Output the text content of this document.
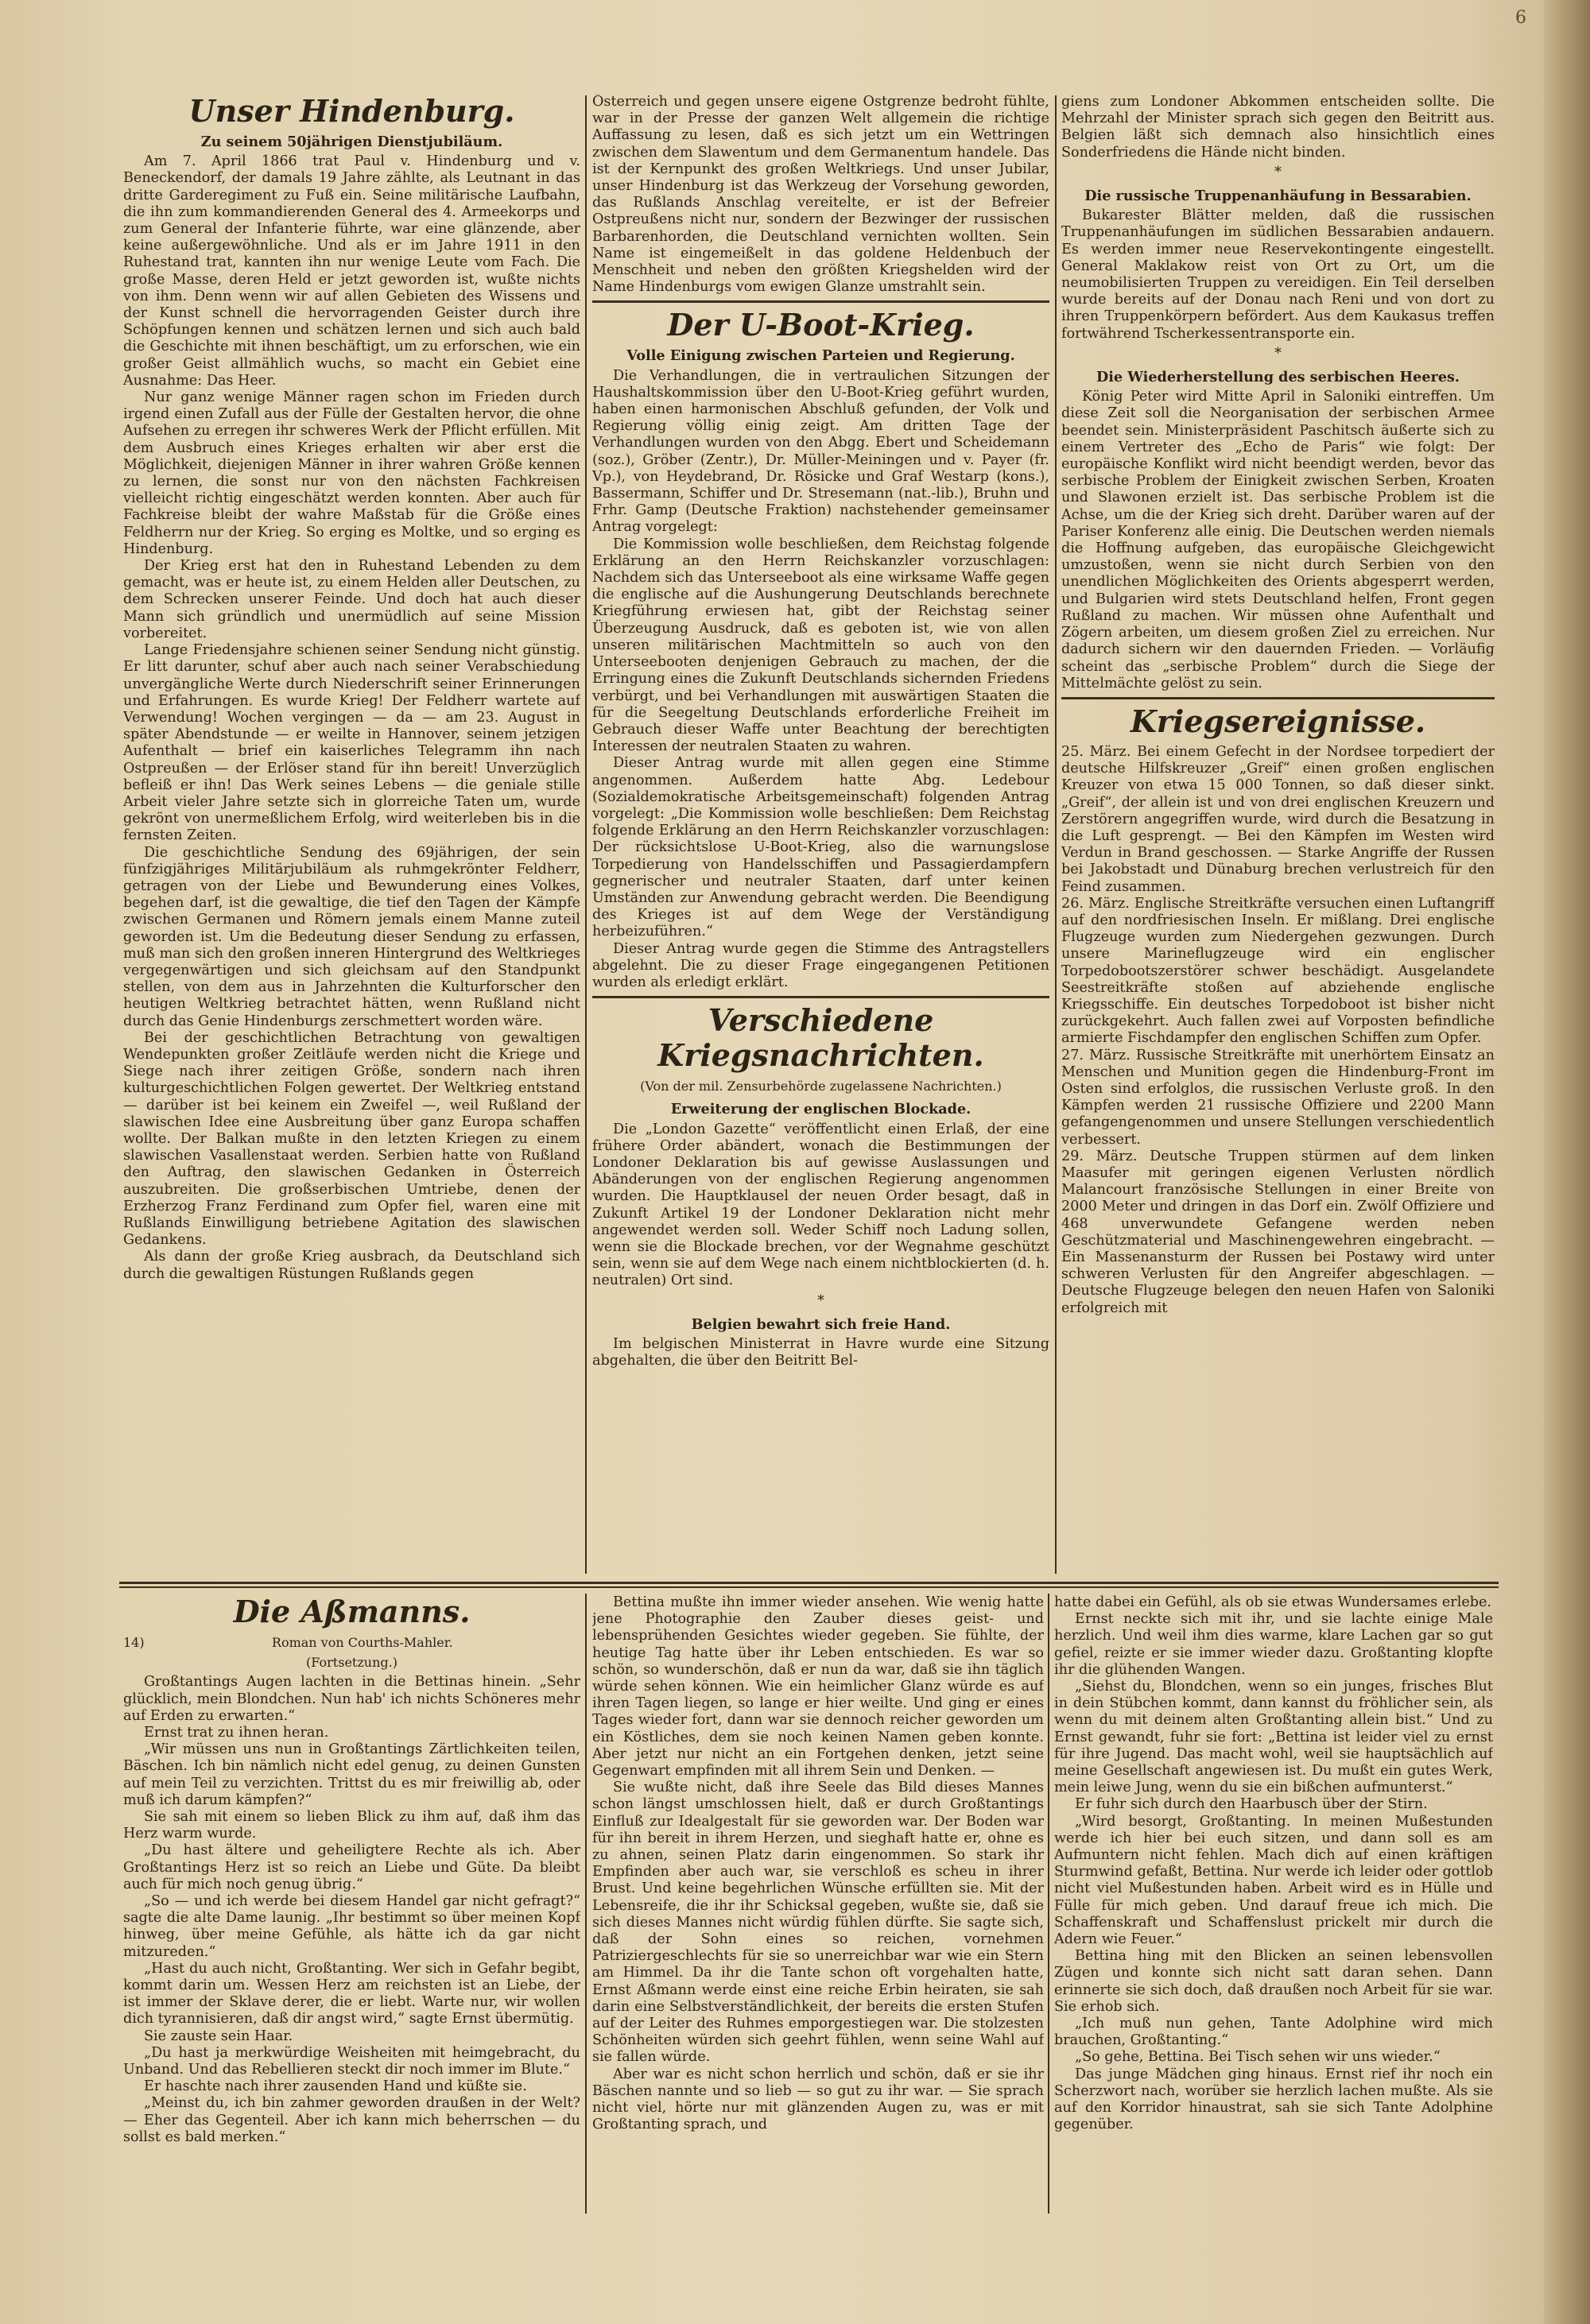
6
Unser Hindenburg.
Zu seinem 50jährigen Dienstjubiläum.

Am 7. April 1866 trat Paul v. Hindenburg und v. Beneckendorf, der damals 19 Jahre zählte, als Leutnant in das dritte Garderegiment zu Fuß ein. Seine militärische Laufbahn, die ihn zum kommandierenden General des 4. Armeekorps und zum General der Infanterie führte, war eine glänzende, aber keine außergewöhnliche. Und als er im Jahre 1911 in den Ruhestand trat, kannten ihn nur wenige Leute vom Fach. Die große Masse, deren Held er jetzt geworden ist, wußte nichts von ihm. Denn wenn wir auf allen Gebieten des Wissens und der Kunst schnell die hervorragenden Geister durch ihre Schöpfungen kennen und schätzen lernen und sich auch bald die Geschichte mit ihnen beschäftigt, um zu erforschen, wie ein großer Geist allmählich wuchs, so macht ein Gebiet eine Ausnahme: Das Heer.

Nur ganz wenige Männer ragen schon im Frieden durch irgend einen Zufall aus der Fülle der Gestalten hervor, die ohne Aufsehen zu erregen ihr schweres Werk der Pflicht erfüllen. Mit dem Ausbruch eines Krieges erhalten wir aber erst die Möglichkeit, diejenigen Männer in ihrer wahren Größe kennen zu lernen, die sonst nur von den nächsten Fachkreisen vielleicht richtig eingeschätzt werden konnten. Aber auch für Fachkreise bleibt der wahre Maßstab für die Größe eines Feldherrn nur der Krieg. So erging es Moltke, und so erging es Hindenburg.

Der Krieg erst hat den in Ruhestand Lebenden zu dem gemacht, was er heute ist, zu einem Helden aller Deutschen, zu dem Schrecken unserer Feinde. Und doch hat auch dieser Mann sich gründlich und unermüdlich auf seine Mission vorbereitet.

Lange Friedensjahre schienen seiner Sendung nicht günstig. Er litt darunter, schuf aber auch nach seiner Verabschiedung unvergängliche Werte durch Niederschrift seiner Erinnerungen und Erfahrungen. Es wurde Krieg! Der Feldherr wartete auf Verwendung! Wochen vergingen — da — am 23. August in später Abendstunde — er weilte in Hannover, seinem jetzigen Aufenthalt — brief ein kaiserliches Telegramm ihn nach Ostpreußen — der Erlöser stand für ihn bereit! Unverzüglich befleiß er ihn! Das Werk seines Lebens — die geniale stille Arbeit vieler Jahre setzte sich in glorreiche Taten um, wurde gekrönt von unermeßlichem Erfolg, wird weiterleben bis in die fernsten Zeiten.

Die geschichtliche Sendung des 69jährigen, der sein fünfzigjähriges Militärjubiläum als ruhmgekrönter Feldherr, getragen von der Liebe und Bewunderung eines Volkes, begehen darf, ist die gewaltige, die tief den Tagen der Kämpfe zwischen Germanen und Römern jemals einem Manne zuteil geworden ist. Um die Bedeutung dieser Sendung zu erfassen, muß man sich den großen inneren Hintergrund des Weltkrieges vergegenwärtigen und sich gleichsam auf den Standpunkt stellen, von dem aus in Jahrzehnten die Kulturforscher den heutigen Weltkrieg betrachtet hätten, wenn Rußland nicht durch das Genie Hindenburgs zerschmettert worden wäre.

Bei der geschichtlichen Betrachtung von gewaltigen Wendepunkten großer Zeitläufe werden nicht die Kriege und Siege nach ihrer zeitigen Größe, sondern nach ihren kulturgeschichtlichen Folgen gewertet. Der Weltkrieg entstand — darüber ist bei keinem ein Zweifel —, weil Rußland der slawischen Idee eine Ausbreitung über ganz Europa schaffen wollte. Der Balkan mußte in den letzten Kriegen zu einem slawischen Vasallenstaat werden. Serbien hatte von Rußland den Auftrag, den slawischen Gedanken in Österreich auszubreiten. Die großserbischen Umtriebe, denen der Erzherzog Franz Ferdinand zum Opfer fiel, waren eine mit Rußlands Einwilligung betriebene Agitation des slawischen Gedankens.

Als dann der große Krieg ausbrach, da Deutschland sich durch die gewaltigen Rüstungen Rußlands gegen

Österreich und gegen unsere eigene Ostgrenze bedroht fühlte, war in der Presse der ganzen Welt allgemein die richtige Auffassung zu lesen, daß es sich jetzt um ein Wettringen zwischen dem Slawentum und dem Germanentum handele. Das ist der Kernpunkt des großen Weltkriegs. Und unser Jubilar, unser Hindenburg ist das Werkzeug der Vorsehung geworden, das Rußlands Anschlag vereitelte, er ist der Befreier Ostpreußens nicht nur, sondern der Bezwinger der russischen Barbarenhorden, die Deutschland vernichten wollten. Sein Name ist eingemeißelt in das goldene Heldenbuch der Menschheit und neben den größten Kriegshelden wird der Name Hindenburgs vom ewigen Glanze umstrahlt sein.

Der U-Boot-Krieg.
Volle Einigung zwischen Parteien und Regierung.

Die Verhandlungen, die in vertraulichen Sitzungen der Haushaltskommission über den U-Boot-Krieg geführt wurden, haben einen harmonischen Abschluß gefunden, der Volk und Regierung völlig einig zeigt. Am dritten Tage der Verhandlungen wurden von den Abgg. Ebert und Scheidemann (soz.), Gröber (Zentr.), Dr. Müller-Meiningen und v. Payer (fr. Vp.), von Heydebrand, Dr. Rösicke und Graf Westarp (kons.), Bassermann, Schiffer und Dr. Stresemann (nat.-lib.), Bruhn und Frhr. Gamp (Deutsche Fraktion) nachstehender gemeinsamer Antrag vorgelegt:

Die Kommission wolle beschließen, dem Reichstag folgende Erklärung an den Herrn Reichskanzler vorzuschlagen: Nachdem sich das Unterseeboot als eine wirksame Waffe gegen die englische auf die Aushungerung Deutschlands berechnete Kriegführung erwiesen hat, gibt der Reichstag seiner Überzeugung Ausdruck, daß es geboten ist, wie von allen unseren militärischen Machtmitteln so auch von den Unterseebooten denjenigen Gebrauch zu machen, der die Erringung eines die Zukunft Deutschlands sichernden Friedens verbürgt, und bei Verhandlungen mit auswärtigen Staaten die für die Seegeltung Deutschlands erforderliche Freiheit im Gebrauch dieser Waffe unter Beachtung der berechtigten Interessen der neutralen Staaten zu wahren.

Dieser Antrag wurde mit allen gegen eine Stimme angenommen. Außerdem hatte Abg. Ledebour (Sozialdemokratische Arbeitsgemeinschaft) folgenden Antrag vorgelegt: „Die Kommission wolle beschließen: Dem Reichstag folgende Erklärung an den Herrn Reichskanzler vorzuschlagen: Der rücksichtslose U-Boot-Krieg, also die warnungslose Torpedierung von Handelsschiffen und Passagierdampfern gegnerischer und neutraler Staaten, darf unter keinen Umständen zur Anwendung gebracht werden. Die Beendigung des Krieges ist auf dem Wege der Verständigung herbeizuführen.“

Dieser Antrag wurde gegen die Stimme des Antragstellers abgelehnt. Die zu dieser Frage eingegangenen Petitionen wurden als erledigt erklärt.

Verschiedene Kriegsnachrichten.
(Von der mil. Zensurbehörde zugelassene Nachrichten.)
Erweiterung der englischen Blockade.

Die „London Gazette“ veröffentlicht einen Erlaß, der eine frühere Order abändert, wonach die Bestimmungen der Londoner Deklaration bis auf gewisse Auslassungen und Abänderungen von der englischen Regierung angenommen wurden. Die Hauptklausel der neuen Order besagt, daß in Zukunft Artikel 19 der Londoner Deklaration nicht mehr angewendet werden soll. Weder Schiff noch Ladung sollen, wenn sie die Blockade brechen, vor der Wegnahme geschützt sein, wenn sie auf dem Wege nach einem nichtblockierten (d. h. neutralen) Ort sind.

*
Belgien bewahrt sich freie Hand.

Im belgischen Ministerrat in Havre wurde eine Sitzung abgehalten, die über den Beitritt Bel-

giens zum Londoner Abkommen entscheiden sollte. Die Mehrzahl der Minister sprach sich gegen den Beitritt aus. Belgien läßt sich demnach also hinsichtlich eines Sonderfriedens die Hände nicht binden.

*
Die russische Truppenanhäufung in Bessarabien.

Bukarester Blätter melden, daß die russischen Truppenanhäufungen im südlichen Bessarabien andauern. Es werden immer neue Reservekontingente eingestellt. General Maklakow reist von Ort zu Ort, um die neumobilisierten Truppen zu vereidigen. Ein Teil derselben wurde bereits auf der Donau nach Reni und von dort zu ihren Truppenkörpern befördert. Aus dem Kaukasus treffen fortwährend Tscherkessentransporte ein.

*
Die Wiederherstellung des serbischen Heeres.

König Peter wird Mitte April in Saloniki eintreffen. Um diese Zeit soll die Neorganisation der serbischen Armee beendet sein. Ministerpräsident Paschitsch äußerte sich zu einem Vertreter des „Echo de Paris“ wie folgt: Der europäische Konflikt wird nicht beendigt werden, bevor das serbische Problem der Einigkeit zwischen Serben, Kroaten und Slawonen erzielt ist. Das serbische Problem ist die Achse, um die der Krieg sich dreht. Darüber waren auf der Pariser Konferenz alle einig. Die Deutschen werden niemals die Hoffnung aufgeben, das europäische Gleichgewicht umzustoßen, wenn sie nicht durch Serbien von den unendlichen Möglichkeiten des Orients abgesperrt werden, und Bulgarien wird stets Deutschland helfen, Front gegen Rußland zu machen. Wir müssen ohne Aufenthalt und Zögern arbeiten, um diesem großen Ziel zu erreichen. Nur dadurch sichern wir den dauernden Frieden. — Vorläufig scheint das „serbische Problem“ durch die Siege der Mittelmächte gelöst zu sein.

Kriegsereignisse.

25. März. Bei einem Gefecht in der Nordsee torpediert der deutsche Hilfskreuzer „Greif“ einen großen englischen Kreuzer von etwa 15 000 Tonnen, so daß dieser sinkt. „Greif“, der allein ist und von drei englischen Kreuzern und Zerstörern angegriffen wurde, wird durch die Besatzung in die Luft gesprengt. — Bei den Kämpfen im Westen wird Verdun in Brand geschossen. — Starke Angriffe der Russen bei Jakobstadt und Dünaburg brechen verlustreich für den Feind zusammen.

26. März. Englische Streitkräfte versuchen einen Luftangriff auf den nordfriesischen Inseln. Er mißlang. Drei englische Flugzeuge wurden zum Niedergehen gezwungen. Durch unsere Marineflugzeuge wird ein englischer Torpedobootszerstörer schwer beschädigt. Ausgelandete Seestreitkräfte stoßen auf abziehende englische Kriegsschiffe. Ein deutsches Torpedoboot ist bisher nicht zurückgekehrt. Auch fallen zwei auf Vorposten befindliche armierte Fischdampfer den englischen Schiffen zum Opfer.

27. März. Russische Streitkräfte mit unerhörtem Einsatz an Menschen und Munition gegen die Hindenburg-Front im Osten sind erfolglos, die russischen Verluste groß. In den Kämpfen werden 21 russische Offiziere und 2200 Mann gefangengenommen und unsere Stellungen verschiedentlich verbessert.

29. März. Deutsche Truppen stürmen auf dem linken Maasufer mit geringen eigenen Verlusten nördlich Malancourt französische Stellungen in einer Breite von 2000 Meter und dringen in das Dorf ein. Zwölf Offiziere und 468 unverwundete Gefangene werden neben Geschützmaterial und Maschinengewehren eingebracht. — Ein Massenansturm der Russen bei Postawy wird unter schweren Verlusten für den Angreifer abgeschlagen. — Deutsche Flugzeuge belegen den neuen Hafen von Saloniki erfolgreich mit

Die Aßmanns.
14)	Roman von Courths-Mahler.
(Fortsetzung.)

Großtantings Augen lachten in die Bettinas hinein. „Sehr glücklich, mein Blondchen. Nun hab' ich nichts Schöneres mehr auf Erden zu erwarten.“

Ernst trat zu ihnen heran.

„Wir müssen uns nun in Großtantings Zärtlichkeiten teilen, Bäschen. Ich bin nämlich nicht edel genug, zu deinen Gunsten auf mein Teil zu verzichten. Trittst du es mir freiwillig ab, oder muß ich darum kämpfen?“

Sie sah mit einem so lieben Blick zu ihm auf, daß ihm das Herz warm wurde.

„Du hast ältere und geheiligtere Rechte als ich. Aber Großtantings Herz ist so reich an Liebe und Güte. Da bleibt auch für mich noch genug übrig.“

„So — und ich werde bei diesem Handel gar nicht gefragt?“ sagte die alte Dame launig. „Ihr bestimmt so über meinen Kopf hinweg, über meine Gefühle, als hätte ich da gar nicht mitzureden.“

„Hast du auch nicht, Großtanting. Wer sich in Gefahr begibt, kommt darin um. Wessen Herz am reichsten ist an Liebe, der ist immer der Sklave derer, die er liebt. Warte nur, wir wollen dich tyrannisieren, daß dir angst wird,“ sagte Ernst übermütig.

Sie zauste sein Haar.

„Du hast ja merkwürdige Weisheiten mit heimgebracht, du Unband. Und das Rebellieren steckt dir noch immer im Blute.“

Er haschte nach ihrer zausenden Hand und küßte sie.

„Meinst du, ich bin zahmer geworden draußen in der Welt? — Eher das Gegenteil. Aber ich kann mich beherrschen — du sollst es bald merken.“

Bettina mußte ihn immer wieder ansehen. Wie wenig hatte jene Photographie den Zauber dieses geist- und lebensprühenden Gesichtes wieder gegeben. Sie fühlte, der heutige Tag hatte über ihr Leben entschieden. Es war so schön, so wunderschön, daß er nun da war, daß sie ihn täglich würde sehen können. Wie ein heimlicher Glanz würde es auf ihren Tagen liegen, so lange er hier weilte. Und ging er eines Tages wieder fort, dann war sie dennoch reicher geworden um ein Köstliches, dem sie noch keinen Namen geben konnte. Aber jetzt nur nicht an ein Fortgehen denken, jetzt seine Gegenwart empfinden mit all ihrem Sein und Denken. —

Sie wußte nicht, daß ihre Seele das Bild dieses Mannes schon längst umschlossen hielt, daß er durch Großtantings Einfluß zur Idealgestalt für sie geworden war. Der Boden war für ihn bereit in ihrem Herzen, und sieghaft hatte er, ohne es zu ahnen, seinen Platz darin eingenommen. So stark ihr Empfinden aber auch war, sie verschloß es scheu in ihrer Brust. Und keine begehrlichen Wünsche erfüllten sie. Mit der Lebensreife, die ihr ihr Schicksal gegeben, wußte sie, daß sie sich dieses Mannes nicht würdig fühlen dürfte. Sie sagte sich, daß der Sohn eines so reichen, vornehmen Patriziergeschlechts für sie so unerreichbar war wie ein Stern am Himmel. Da ihr die Tante schon oft vorgehalten hatte, Ernst Aßmann werde einst eine reiche Erbin heiraten, sie sah darin eine Selbstverständlichkeit, der bereits die ersten Stufen auf der Leiter des Ruhmes emporgestiegen war. Die stolzesten Schönheiten würden sich geehrt fühlen, wenn seine Wahl auf sie fallen würde.

Aber war es nicht schon herrlich und schön, daß er sie ihr Bäschen nannte und so lieb — so gut zu ihr war. — Sie sprach nicht viel, hörte nur mit glänzenden Augen zu, was er mit Großtanting sprach, und

hatte dabei ein Gefühl, als ob sie etwas Wundersames erlebe.

Ernst neckte sich mit ihr, und sie lachte einige Male herzlich. Und weil ihm dies warme, klare Lachen gar so gut gefiel, reizte er sie immer wieder dazu. Großtanting klopfte ihr die glühenden Wangen.

„Siehst du, Blondchen, wenn so ein junges, frisches Blut in dein Stübchen kommt, dann kannst du fröhlicher sein, als wenn du mit deinem alten Großtanting allein bist.“ Und zu Ernst gewandt, fuhr sie fort: „Bettina ist leider viel zu ernst für ihre Jugend. Das macht wohl, weil sie hauptsächlich auf meine Gesellschaft angewiesen ist. Du mußt ein gutes Werk, mein leiwe Jung, wenn du sie ein bißchen aufmunterst.“

Er fuhr sich durch den Haarbusch über der Stirn.

„Wird besorgt, Großtanting. In meinen Mußestunden werde ich hier bei euch sitzen, und dann soll es am Aufmuntern nicht fehlen. Mach dich auf einen kräftigen Sturmwind gefaßt, Bettina. Nur werde ich leider oder gottlob nicht viel Mußestunden haben. Arbeit wird es in Hülle und Fülle für mich geben. Und darauf freue ich mich. Die Schaffenskraft und Schaffenslust prickelt mir durch die Adern wie Feuer.“

Bettina hing mit den Blicken an seinen lebensvollen Zügen und konnte sich nicht satt daran sehen. Dann erinnerte sie sich doch, daß draußen noch Arbeit für sie war. Sie erhob sich.

„Ich muß nun gehen, Tante Adolphine wird mich brauchen, Großtanting.“

„So gehe, Bettina. Bei Tisch sehen wir uns wieder.“

Das junge Mädchen ging hinaus. Ernst rief ihr noch ein Scherzwort nach, worüber sie herzlich lachen mußte. Als sie auf den Korridor hinaustrat, sah sie sich Tante Adolphine gegenüber.
